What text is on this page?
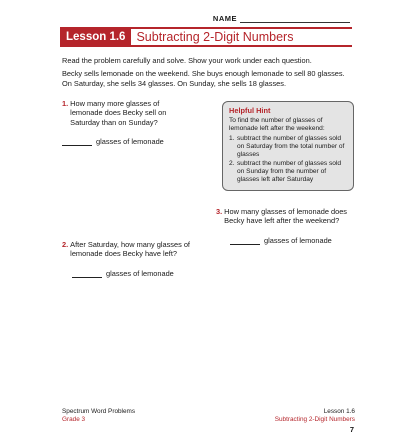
NAME
Lesson 1.6 Subtracting 2-Digit Numbers

Read the problem carefully and solve. Show your work under each question.

Becky sells lemonade on the weekend. She buys enough lemonade to sell 80 glasses. On Saturday, she sells 34 glasses. On Sunday, she sells 18 glasses.

1. How many more glasses of lemonade does Becky sell on Saturday than on Sunday?
glasses of lemonade
Helpful Hint
To find the number of glasses of lemonade left after the weekend:
1. subtract the number of glasses sold on Saturday from the total number of glasses
2. subtract the number of glasses sold on Sunday from the number of glasses left after Saturday
3. How many glasses of lemonade does Becky have left after the weekend?
glasses of lemonade
2. After Saturday, how many glasses of lemonade does Becky have left?
glasses of lemonade
Spectrum Word Problems
Grade 3
Lesson 1.6
Subtracting 2-Digit Numbers
7
